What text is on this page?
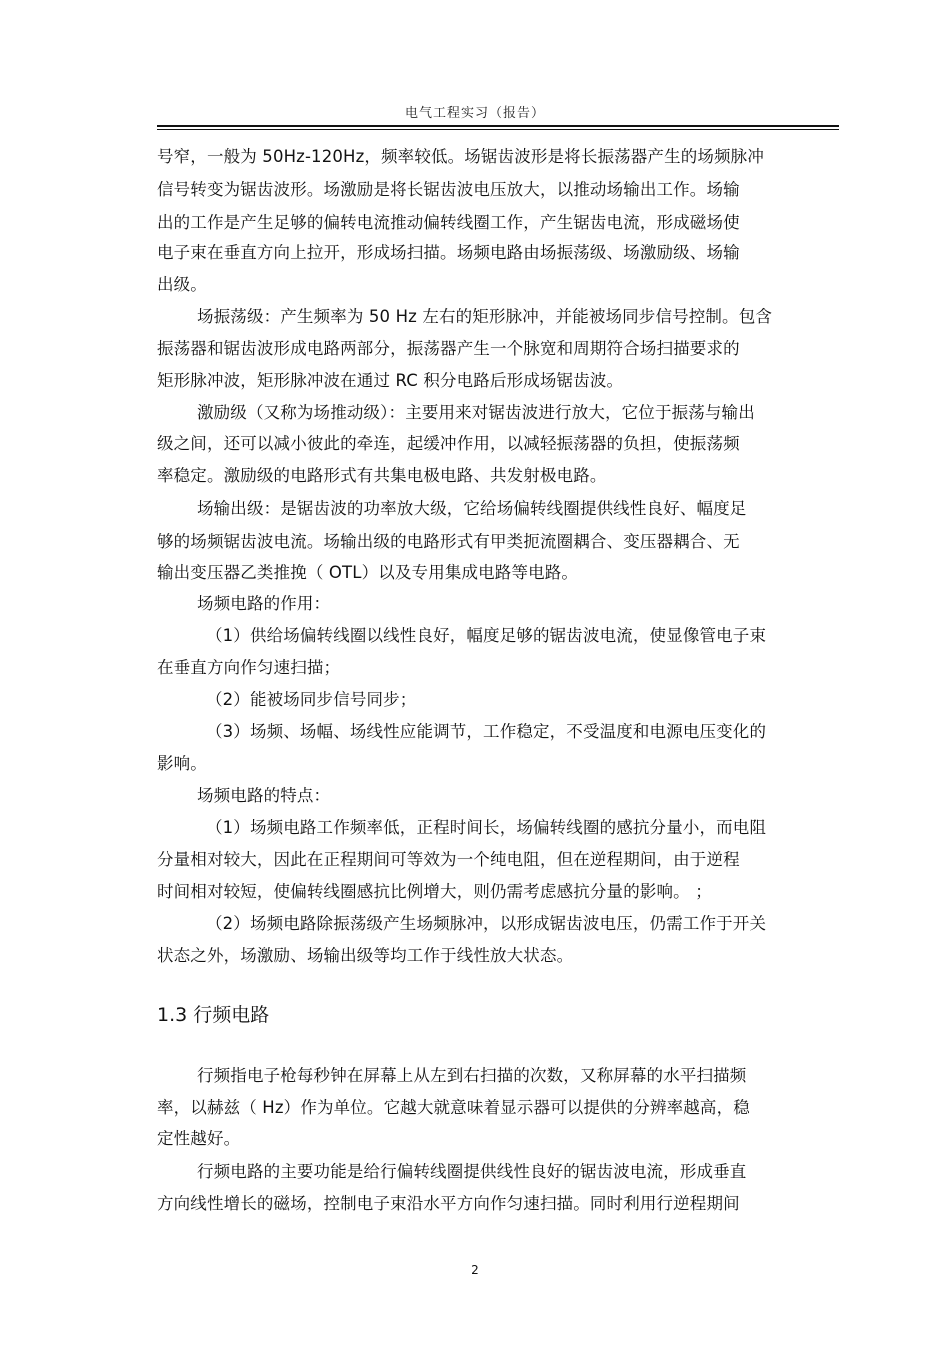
电气工程实习（报告）
号窄，一般为 50Hz-120Hz，频率较低。场锯齿波形是将长振荡器产生的场频脉冲
信号转变为锯齿波形。场激励是将长锯齿波电压放大，以推动场输出工作。场输
出的工作是产生足够的偏转电流推动偏转线圈工作，产生锯齿电流，形成磁场使
电子束在垂直方向上拉开，形成场扫描。场频电路由场振荡级、场激励级、场输
出级。
场振荡级：产生频率为 50 Hz 左右的矩形脉冲，并能被场同步信号控制。包含
振荡器和锯齿波形成电路两部分，振荡器产生一个脉宽和周期符合场扫描要求的
矩形脉冲波，矩形脉冲波在通过 RC 积分电路后形成场锯齿波。
激励级（又称为场推动级）：主要用来对锯齿波进行放大，它位于振荡与输出
级之间，还可以减小彼此的牵连，起缓冲作用，以减轻振荡器的负担，使振荡频
率稳定。激励级的电路形式有共集电极电路、共发射极电路。
场输出级：是锯齿波的功率放大级，它给场偏转线圈提供线性良好、幅度足
够的场频锯齿波电流。场输出级的电路形式有甲类扼流圈耦合、变压器耦合、无
输出变压器乙类推挽（ OTL）以及专用集成电路等电路。
场频电路的作用：
（1）供给场偏转线圈以线性良好，幅度足够的锯齿波电流，使显像管电子束
在垂直方向作匀速扫描；
（2）能被场同步信号同步；
（3）场频、场幅、场线性应能调节，工作稳定，不受温度和电源电压变化的
影响。
场频电路的特点：
（1）场频电路工作频率低，正程时间长，场偏转线圈的感抗分量小，而电阻
分量相对较大，因此在正程期间可等效为一个纯电阻，但在逆程期间，由于逆程
时间相对较短，使偏转线圈感抗比例增大，则仍需考虑感抗分量的影响。 ；
（2）场频电路除振荡级产生场频脉冲，以形成锯齿波电压，仍需工作于开关
状态之外，场激励、场输出级等均工作于线性放大状态。
1.3 行频电路
行频指电子枪每秒钟在屏幕上从左到右扫描的次数，又称屏幕的水平扫描频
率，以赫兹（ Hz）作为单位。它越大就意味着显示器可以提供的分辨率越高，稳
定性越好。
行频电路的主要功能是给行偏转线圈提供线性良好的锯齿波电流，形成垂直
方向线性增长的磁场，控制电子束沿水平方向作匀速扫描。同时利用行逆程期间
2
